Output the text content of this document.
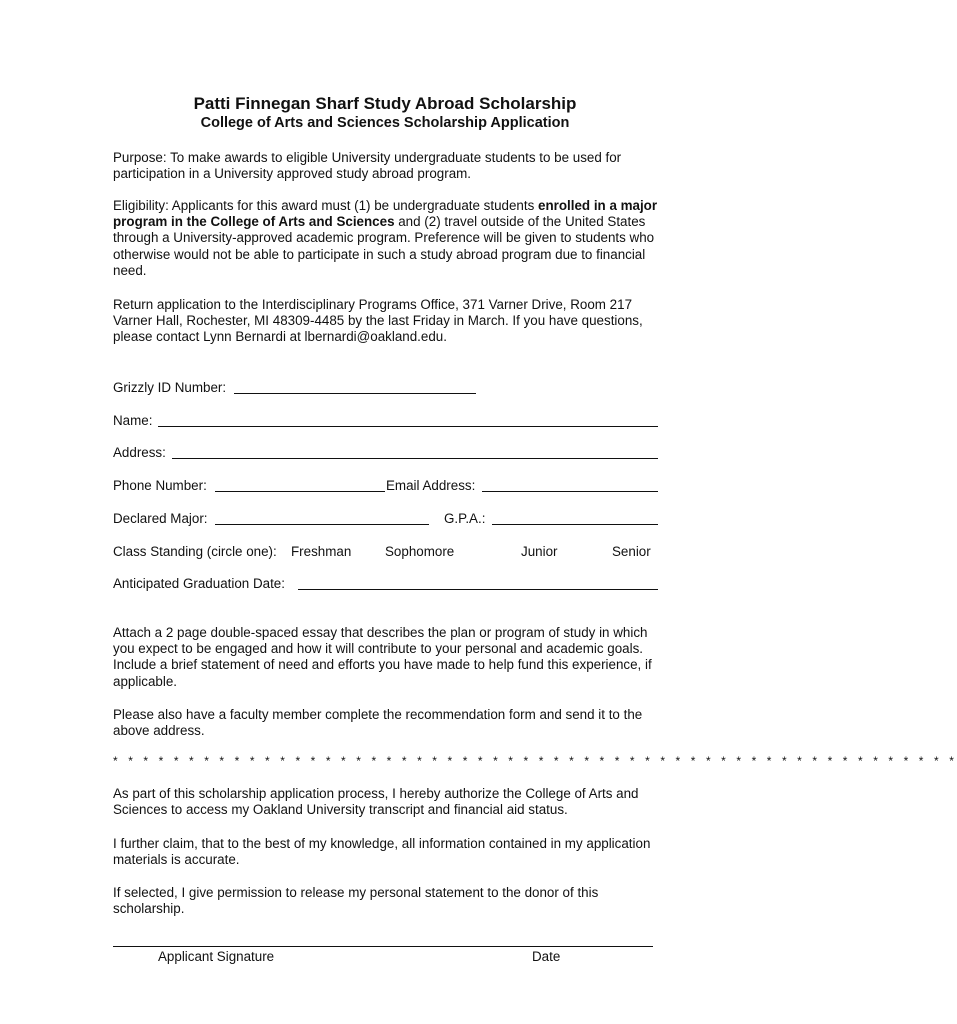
Patti Finnegan Sharf Study Abroad Scholarship
College of Arts and Sciences Scholarship Application

Purpose: To make awards to eligible University undergraduate students to be used for participation in a University approved study abroad program.

Eligibility: Applicants for this award must (1) be undergraduate students enrolled in a major program in the College of Arts and Sciences and (2) travel outside of the United States through a University-approved academic program. Preference will be given to students who otherwise would not be able to participate in such a study abroad program due to financial need.

Return application to the Interdisciplinary Programs Office, 371 Varner Drive, Room 217 Varner Hall, Rochester, MI 48309-4485 by the last Friday in March. If you have questions, please contact Lynn Bernardi at lbernardi@oakland.edu.

Grizzly ID Number:
Name:
Address:
Phone Number:	Email Address:
Declared Major:	G.P.A.:
Class Standing (circle one): Freshman	Sophomore	Junior	Senior
Anticipated Graduation Date:

Attach a 2 page double-spaced essay that describes the plan or program of study in which you expect to be engaged and how it will contribute to your personal and academic goals. Include a brief statement of need and efforts you have made to help fund this experience, if applicable.

Please also have a faculty member complete the recommendation form and send it to the above address.

* * * * * * * * * * * * * * * * * * * * * * * * * * * * * * * * * * * * * * * * * * * * * * * * * * * * * * * *

As part of this scholarship application process, I hereby authorize the College of Arts and Sciences to access my Oakland University transcript and financial aid status.

I further claim, that to the best of my knowledge, all information contained in my application materials is accurate.

If selected, I give permission to release my personal statement to the donor of this scholarship.

Applicant Signature	Date
